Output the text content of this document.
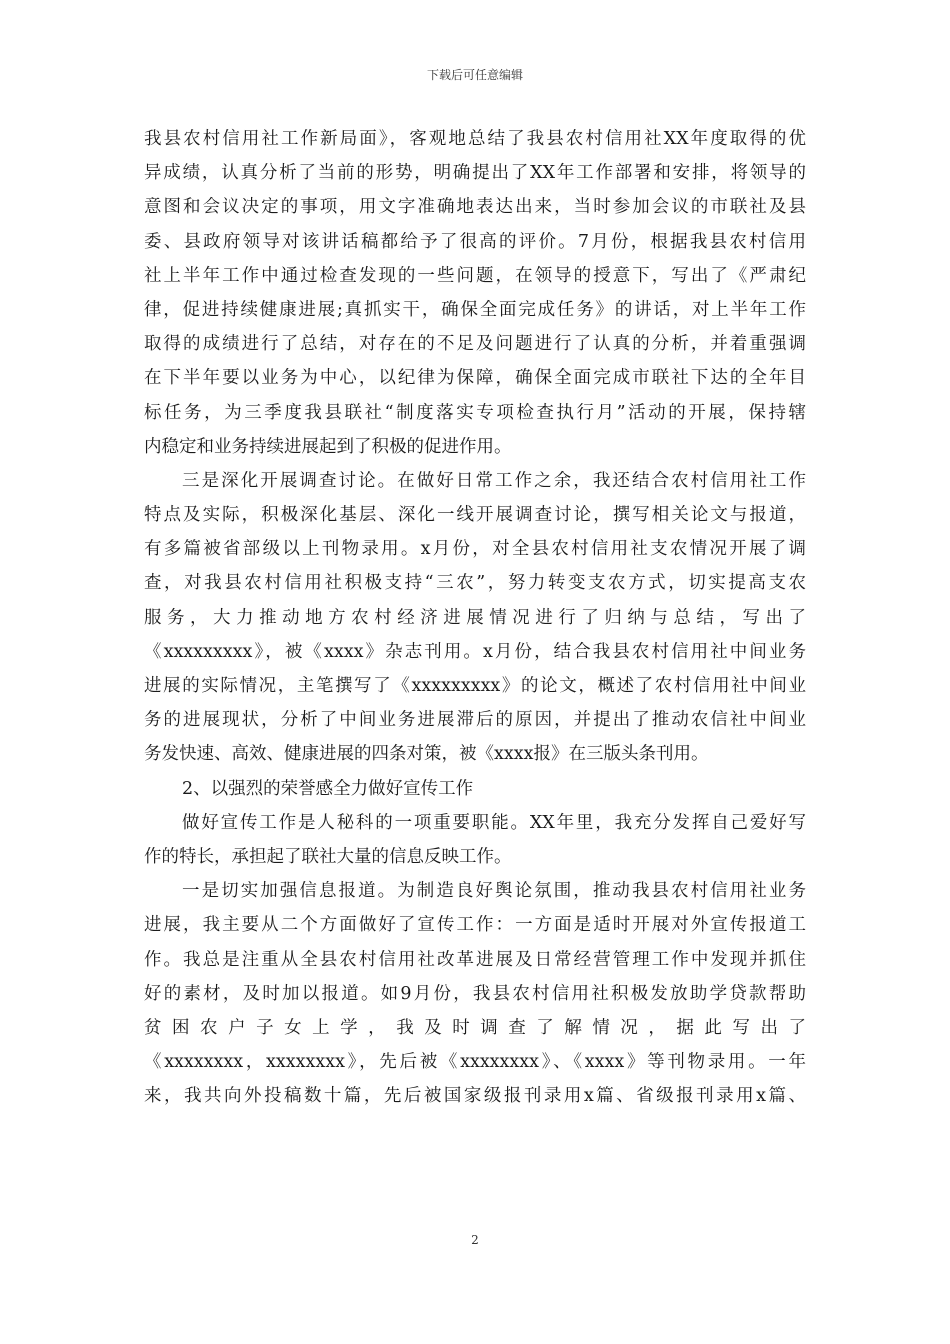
下载后可任意编辑
我县农村信用社工作新局面》，客观地总结了我县农村信用社XX年度取得的优
异成绩，认真分析了当前的形势，明确提出了XX年工作部署和安排，将领导的
意图和会议决定的事项，用文字准确地表达出来，当时参加会议的市联社及县
委、县政府领导对该讲话稿都给予了很高的评价。7月份，根据我县农村信用
社上半年工作中通过检查发现的一些问题，在领导的授意下，写出了《严肃纪
律，促进持续健康进展;真抓实干，确保全面完成任务》的讲话，对上半年工作
取得的成绩进行了总结，对存在的不足及问题进行了认真的分析，并着重强调
在下半年要以业务为中心，以纪律为保障，确保全面完成市联社下达的全年目
标任务，为三季度我县联社“制度落实专项检查执行月”活动的开展，保持辖
内稳定和业务持续进展起到了积极的促进作用。
三是深化开展调查讨论。在做好日常工作之余，我还结合农村信用社工作
特点及实际，积极深化基层、深化一线开展调查讨论，撰写相关论文与报道，
有多篇被省部级以上刊物录用。x月份，对全县农村信用社支农情况开展了调
查，对我县农村信用社积极支持“三农”，努力转变支农方式，切实提高支农
服务，大力推动地方农村经济进展情况进行了归纳与总结，写出了
《xxxxxxxxx》，被《xxxx》杂志刊用。x月份，结合我县农村信用社中间业务
进展的实际情况，主笔撰写了《xxxxxxxxx》的论文，概述了农村信用社中间业
务的进展现状，分析了中间业务进展滞后的原因，并提出了推动农信社中间业
务发快速、高效、健康进展的四条对策，被《xxxx报》在三版头条刊用。
2、以强烈的荣誉感全力做好宣传工作
做好宣传工作是人秘科的一项重要职能。XX年里，我充分发挥自己爱好写
作的特长，承担起了联社大量的信息反映工作。
一是切实加强信息报道。为制造良好舆论氛围，推动我县农村信用社业务
进展，我主要从二个方面做好了宣传工作：一方面是适时开展对外宣传报道工
作。我总是注重从全县农村信用社改革进展及日常经营管理工作中发现并抓住
好的素材，及时加以报道。如9月份，我县农村信用社积极发放助学贷款帮助
贫困农户子女上学，我及时调查了解情况，据此写出了
《xxxxxxxx，xxxxxxxx》，先后被《xxxxxxxx》、《xxxx》等刊物录用。一年
来，我共向外投稿数十篇，先后被国家级报刊录用x篇、省级报刊录用x篇、
2
